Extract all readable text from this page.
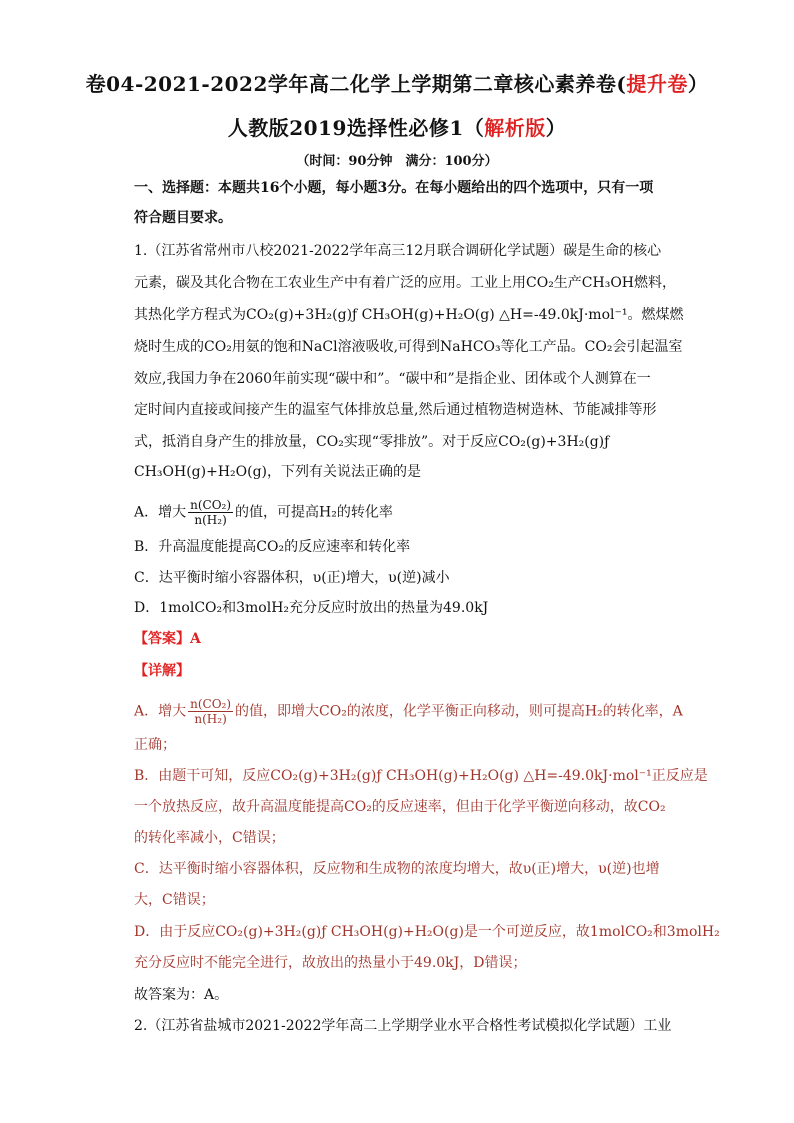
卷04-2021-2022学年高二化学上学期第二章核心素养卷(提升卷）
人教版2019选择性必修1（解析版）
（时间：90分钟　满分：100分）
一、选择题：本题共16个小题，每小题3分。在每小题给出的四个选项中，只有一项
符合题目要求。
1.（江苏省常州市八校2021-2022学年高三12月联合调研化学试题）碳是生命的核心
元素，碳及其化合物在工农业生产中有着广泛的应用。工业上用CO₂生产CH₃OH燃料，
其热化学方程式为CO₂(g)+3H₂(g)ƒ CH₃OH(g)+H₂O(g) △H=-49.0kJ·mol⁻¹。燃煤燃
烧时生成的CO₂用氨的饱和NaCl溶液吸收,可得到NaHCO₃等化工产品。CO₂会引起温室
效应,我国力争在2060年前实现“碳中和”。“碳中和”是指企业、团体或个人测算在一
定时间内直接或间接产生的温室气体排放总量,然后通过植物造树造林、节能减排等形
式，抵消自身产生的排放量，CO₂实现“零排放”。对于反应CO₂(g)+3H₂(g)ƒ
CH₃OH(g)+H₂O(g)，下列有关说法正确的是
A．增大 $\frac{\text{n(CO₂)}}{\text{n(H₂)}}$ 的值，可提高H₂的转化率
B．升高温度能提高CO₂的反应速率和转化率
C．达平衡时缩小容器体积，υ(正)增大，υ(逆)减小
D．1molCO₂和3molH₂充分反应时放出的热量为49.0kJ
【答案】A
【详解】
A．增大 $\frac{\text{n(CO₂)}}{\text{n(H₂)}}$ 的值，即增大CO₂的浓度，化学平衡正向移动，则可提高H₂的转化率，A
正确；
B．由题干可知，反应CO₂(g)+3H₂(g)ƒ CH₃OH(g)+H₂O(g) △H=-49.0kJ·mol⁻¹正反应是
一个放热反应，故升高温度能提高CO₂的反应速率，但由于化学平衡逆向移动，故CO₂
的转化率减小，C错误；
C．达平衡时缩小容器体积，反应物和生成物的浓度均增大，故υ(正)增大，υ(逆)也增
大，C错误；
D．由于反应CO₂(g)+3H₂(g)ƒ CH₃OH(g)+H₂O(g)是一个可逆反应，故1molCO₂和3molH₂
充分反应时不能完全进行，故放出的热量小于49.0kJ，D错误；
故答案为：A。
2.（江苏省盐城市2021-2022学年高二上学期学业水平合格性考试模拟化学试题）工业
